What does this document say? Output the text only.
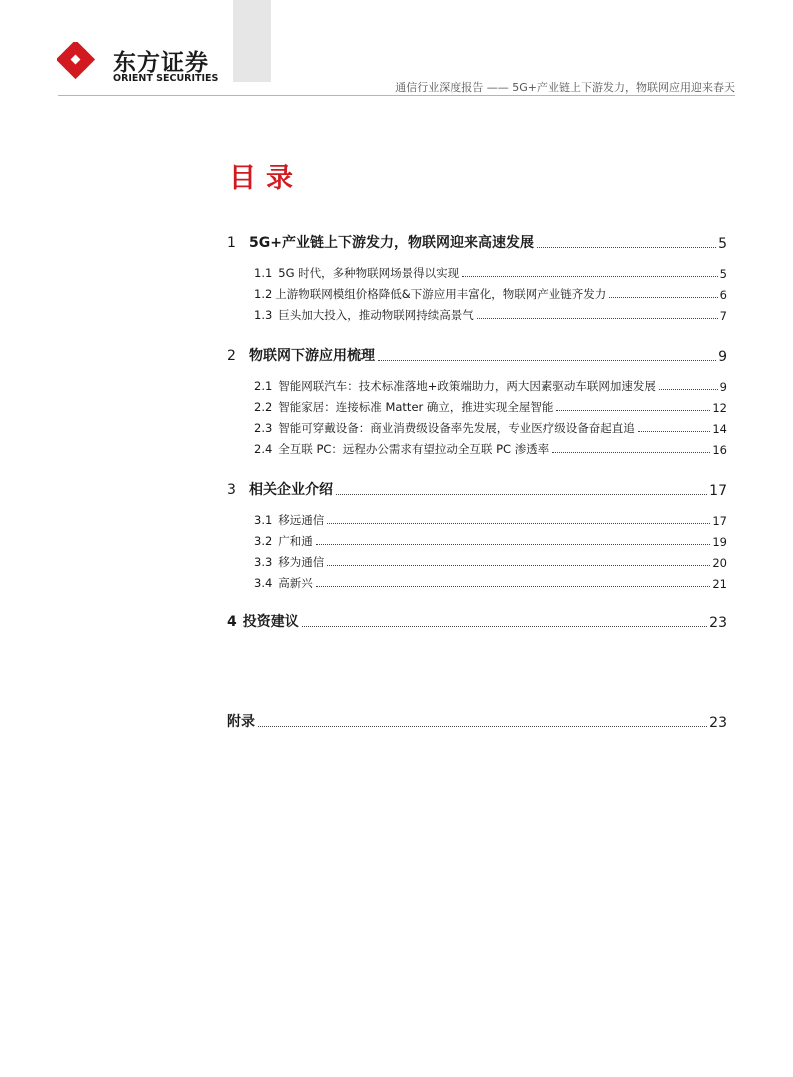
东方证券
ORIENT SECURITIES
通信行业深度报告 —— 5G+产业链上下游发力，物联网应用迎来春天
目录
1 5G+产业链上下游发力，物联网迎来高速发展	5
1.1 5G 时代，多种物联网场景得以实现	5
1.2 上游物联网模组价格降低&下游应用丰富化，物联网产业链齐发力	6
1.3 巨头加大投入，推动物联网持续高景气	7
2 物联网下游应用梳理	9
2.1 智能网联汽车：技术标准落地+政策端助力，两大因素驱动车联网加速发展	9
2.2 智能家居：连接标准 Matter 确立，推进实现全屋智能	12
2.3 智能可穿戴设备：商业消费级设备率先发展，专业医疗级设备奋起直追	14
2.4 全互联 PC：远程办公需求有望拉动全互联 PC 渗透率	16
3 相关企业介绍	17
3.1 移远通信	17
3.2 广和通	19
3.3 移为通信	20
3.4 高新兴	21
4 投资建议	23
附录	23
